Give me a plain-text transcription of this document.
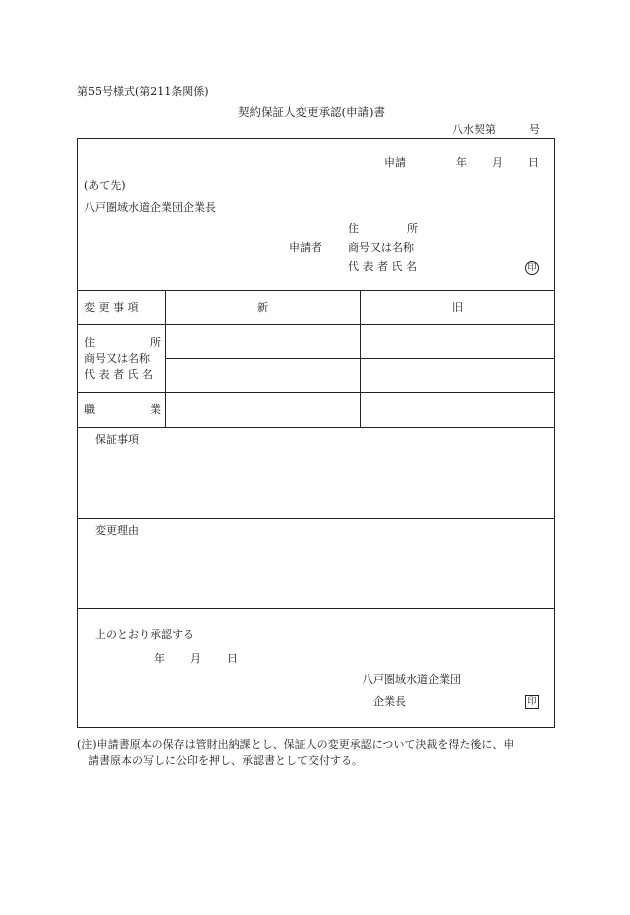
第55号様式(第211条関係)
契約保証人変更承認(申請)書
八水契第	号
申請	年 月 日
(あて先)
八戸圏域水道企業団企業長
住	所
申請者 商号又は名称
代 表 者 氏 名	印
変 更 事 項	新	旧
住	所
商号又は名称
代 表 者 氏 名
職	業
保証事項
変更理由
上のとおり承認する
年 月 日
八戸圏域水道企業団
企業長	印
(注)申請書原本の保存は管財出納課とし、保証人の変更承認について決裁を得た後に、申
請書原本の写しに公印を押し、承認書として交付する。
